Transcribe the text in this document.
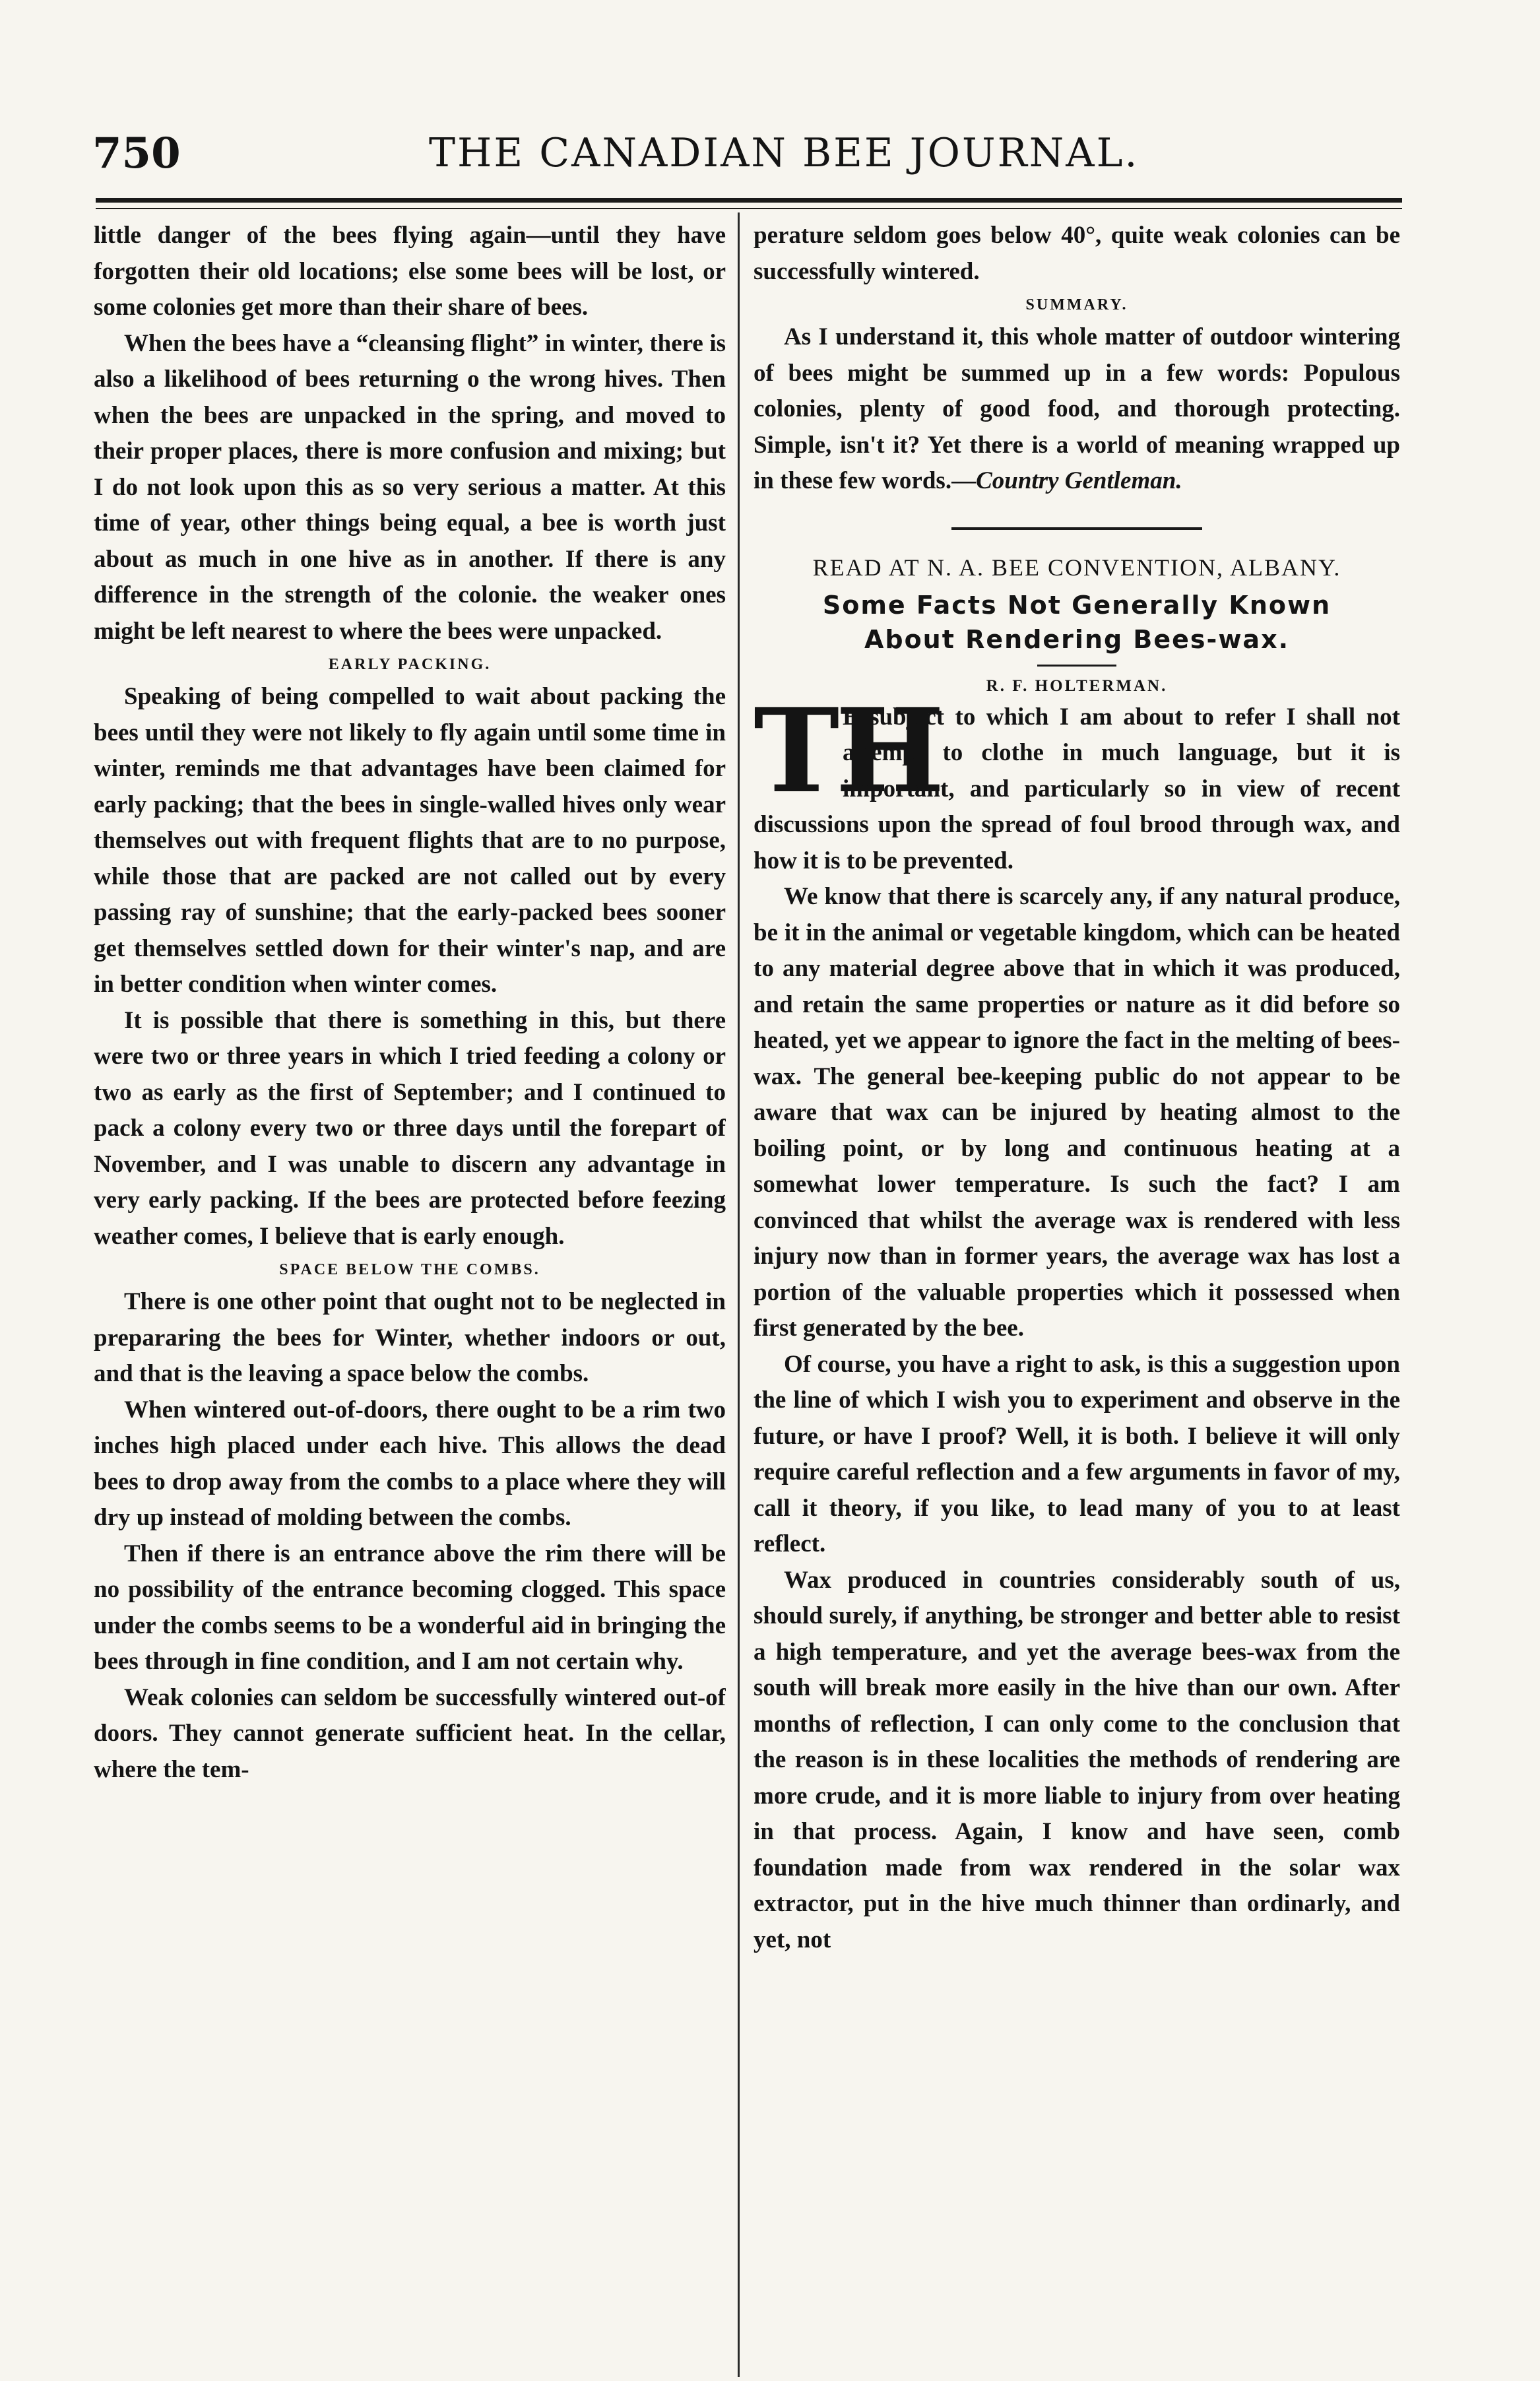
750	THE CANADIAN BEE JOURNAL.

little danger of the bees flying again—until they have forgotten their old locations; else some bees will be lost, or some colonies get more than their share of bees.

When the bees have a “cleansing flight” in winter, there is also a likelihood of bees returning o the wrong hives. Then when the bees are unpacked in the spring, and moved to their proper places, there is more confusion and mixing; but I do not look upon this as so very serious a matter. At this time of year, other things being equal, a bee is worth just about as much in one hive as in another. If there is any difference in the strength of the colonie. the weaker ones might be left nearest to where the bees were unpacked.

EARLY PACKING.

Speaking of being compelled to wait about packing the bees until they were not likely to fly again until some time in winter, reminds me that advantages have been claimed for early packing; that the bees in single-walled hives only wear themselves out with frequent flights that are to no purpose, while those that are packed are not called out by every passing ray of sunshine; that the early-packed bees sooner get themselves settled down for their winter's nap, and are in better condition when winter comes.

It is possible that there is something in this, but there were two or three years in which I tried feeding a colony or two as early as the first of September; and I continued to pack a colony every two or three days until the forepart of November, and I was unable to discern any advantage in very early packing. If the bees are protected before feezing weather comes, I believe that is early enough.

SPACE BELOW THE COMBS.

There is one other point that ought not to be neglected in prepararing the bees for Winter, whether indoors or out, and that is the leaving a space below the combs.

When wintered out-of-doors, there ought to be a rim two inches high placed under each hive. This allows the dead bees to drop away from the combs to a place where they will dry up instead of molding between the combs.

Then if there is an entrance above the rim there will be no possibility of the entrance becoming clogged. This space under the combs seems to be a wonderful aid in bringing the bees through in fine condition, and I am not certain why.

Weak colonies can seldom be successfully wintered out-of doors. They cannot generate sufficient heat. In the cellar, where the tem-

perature seldom goes below 40°, quite weak colonies can be successfully wintered.

SUMMARY.

As I understand it, this whole matter of outdoor wintering of bees might be summed up in a few words: Populous colonies, plenty of good food, and thorough protecting. Simple, isn't it? Yet there is a world of meaning wrapped up in these few words.—Country Gentleman.

READ AT N. A. BEE CONVENTION, ALBANY.
Some Facts Not Generally Known
About Rendering Bees-wax.
R. F. HOLTERMAN.
TH

E subject to which I am about to refer I shall not attempt to clothe in much language, but it is important, and particularly so in view of recent discussions upon the spread of foul brood through wax, and how it is to be prevented.

We know that there is scarcely any, if any natural produce, be it in the animal or vegetable kingdom, which can be heated to any material degree above that in which it was produced, and retain the same properties or nature as it did before so heated, yet we appear to ignore the fact in the melting of bees-wax. The general bee-keeping public do not appear to be aware that wax can be injured by heating almost to the boiling point, or by long and continuous heating at a somewhat lower temperature. Is such the fact? I am convinced that whilst the average wax is rendered with less injury now than in former years, the average wax has lost a portion of the valuable properties which it possessed when first generated by the bee.

Of course, you have a right to ask, is this a suggestion upon the line of which I wish you to experiment and observe in the future, or have I proof? Well, it is both. I believe it will only require careful reflection and a few arguments in favor of my, call it theory, if you like, to lead many of you to at least reflect.

Wax produced in countries considerably south of us, should surely, if anything, be stronger and better able to resist a high temperature, and yet the average bees-wax from the south will break more easily in the hive than our own. After months of reflection, I can only come to the conclusion that the reason is in these localities the methods of rendering are more crude, and it is more liable to injury from over heating in that process. Again, I know and have seen, comb foundation made from wax rendered in the solar wax extractor, put in the hive much thinner than ordinarly, and yet, not
